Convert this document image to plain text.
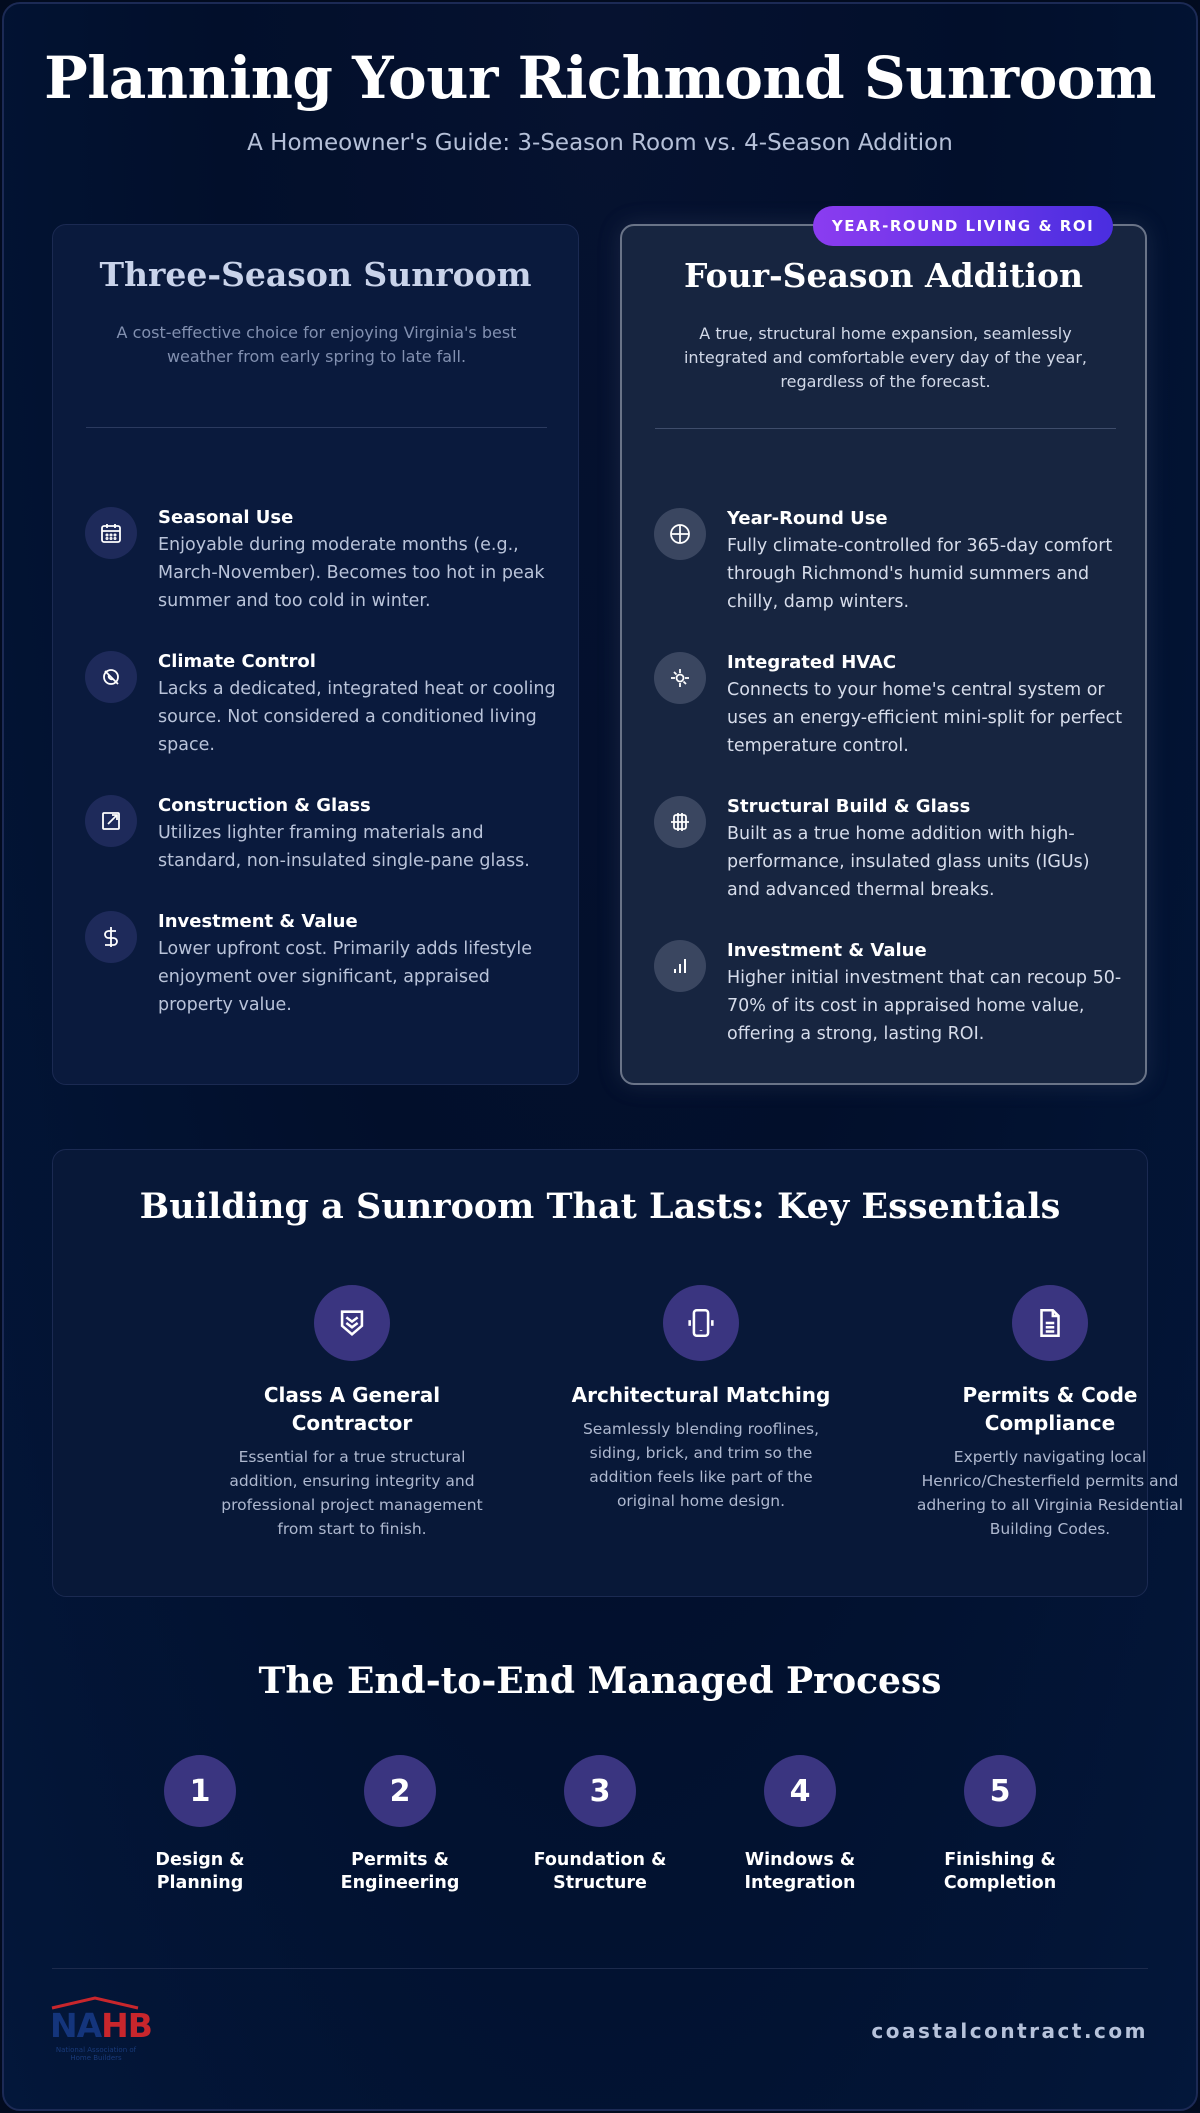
Planning Your Richmond Sunroom
A Homeowner's Guide: 3-Season Room vs. 4-Season Addition
Three-Season Sunroom

A cost-effective choice for enjoying Virginia's best weather from early spring to late fall.

Seasonal Use
Enjoyable during moderate months (e.g., March-November). Becomes too hot in peak summer and too cold in winter.
Climate Control
Lacks a dedicated, integrated heat or cooling source. Not considered a conditioned living space.
Construction & Glass
Utilizes lighter framing materials and standard, non-insulated single-pane glass.
Investment & Value
Lower upfront cost. Primarily adds lifestyle enjoyment over significant, appraised property value.
Four-Season Addition

A true, structural home expansion, seamlessly integrated and comfortable every day of the year, regardless of the forecast.

Year-Round Use
Fully climate-controlled for 365-day comfort through Richmond's humid summers and chilly, damp winters.
Integrated HVAC
Connects to your home's central system or uses an energy-efficient mini-split for perfect temperature control.
Structural Build & Glass
Built as a true home addition with high-performance, insulated glass units (IGUs) and advanced thermal breaks.
Investment & Value
Higher initial investment that can recoup 50-70% of its cost in appraised home value, offering a strong, lasting ROI.
YEAR-ROUND LIVING & ROI
Building a Sunroom That Lasts: Key Essentials
Class A General Contractor
Essential for a true structural addition, ensuring integrity and professional project management from start to finish.
Architectural Matching
Seamlessly blending rooflines, siding, brick, and trim so the addition feels like part of the original home design.
Permits & Code Compliance
Expertly navigating local Henrico/Chesterfield permits and adhering to all Virginia Residential Building Codes.
The End-to-End Managed Process
1
Design & Planning
2
Permits & Engineering
3
Foundation & Structure
4
Windows & Integration
5
Finishing & Completion
NAHB
National Association of Home Builders
coastalcontract.com
